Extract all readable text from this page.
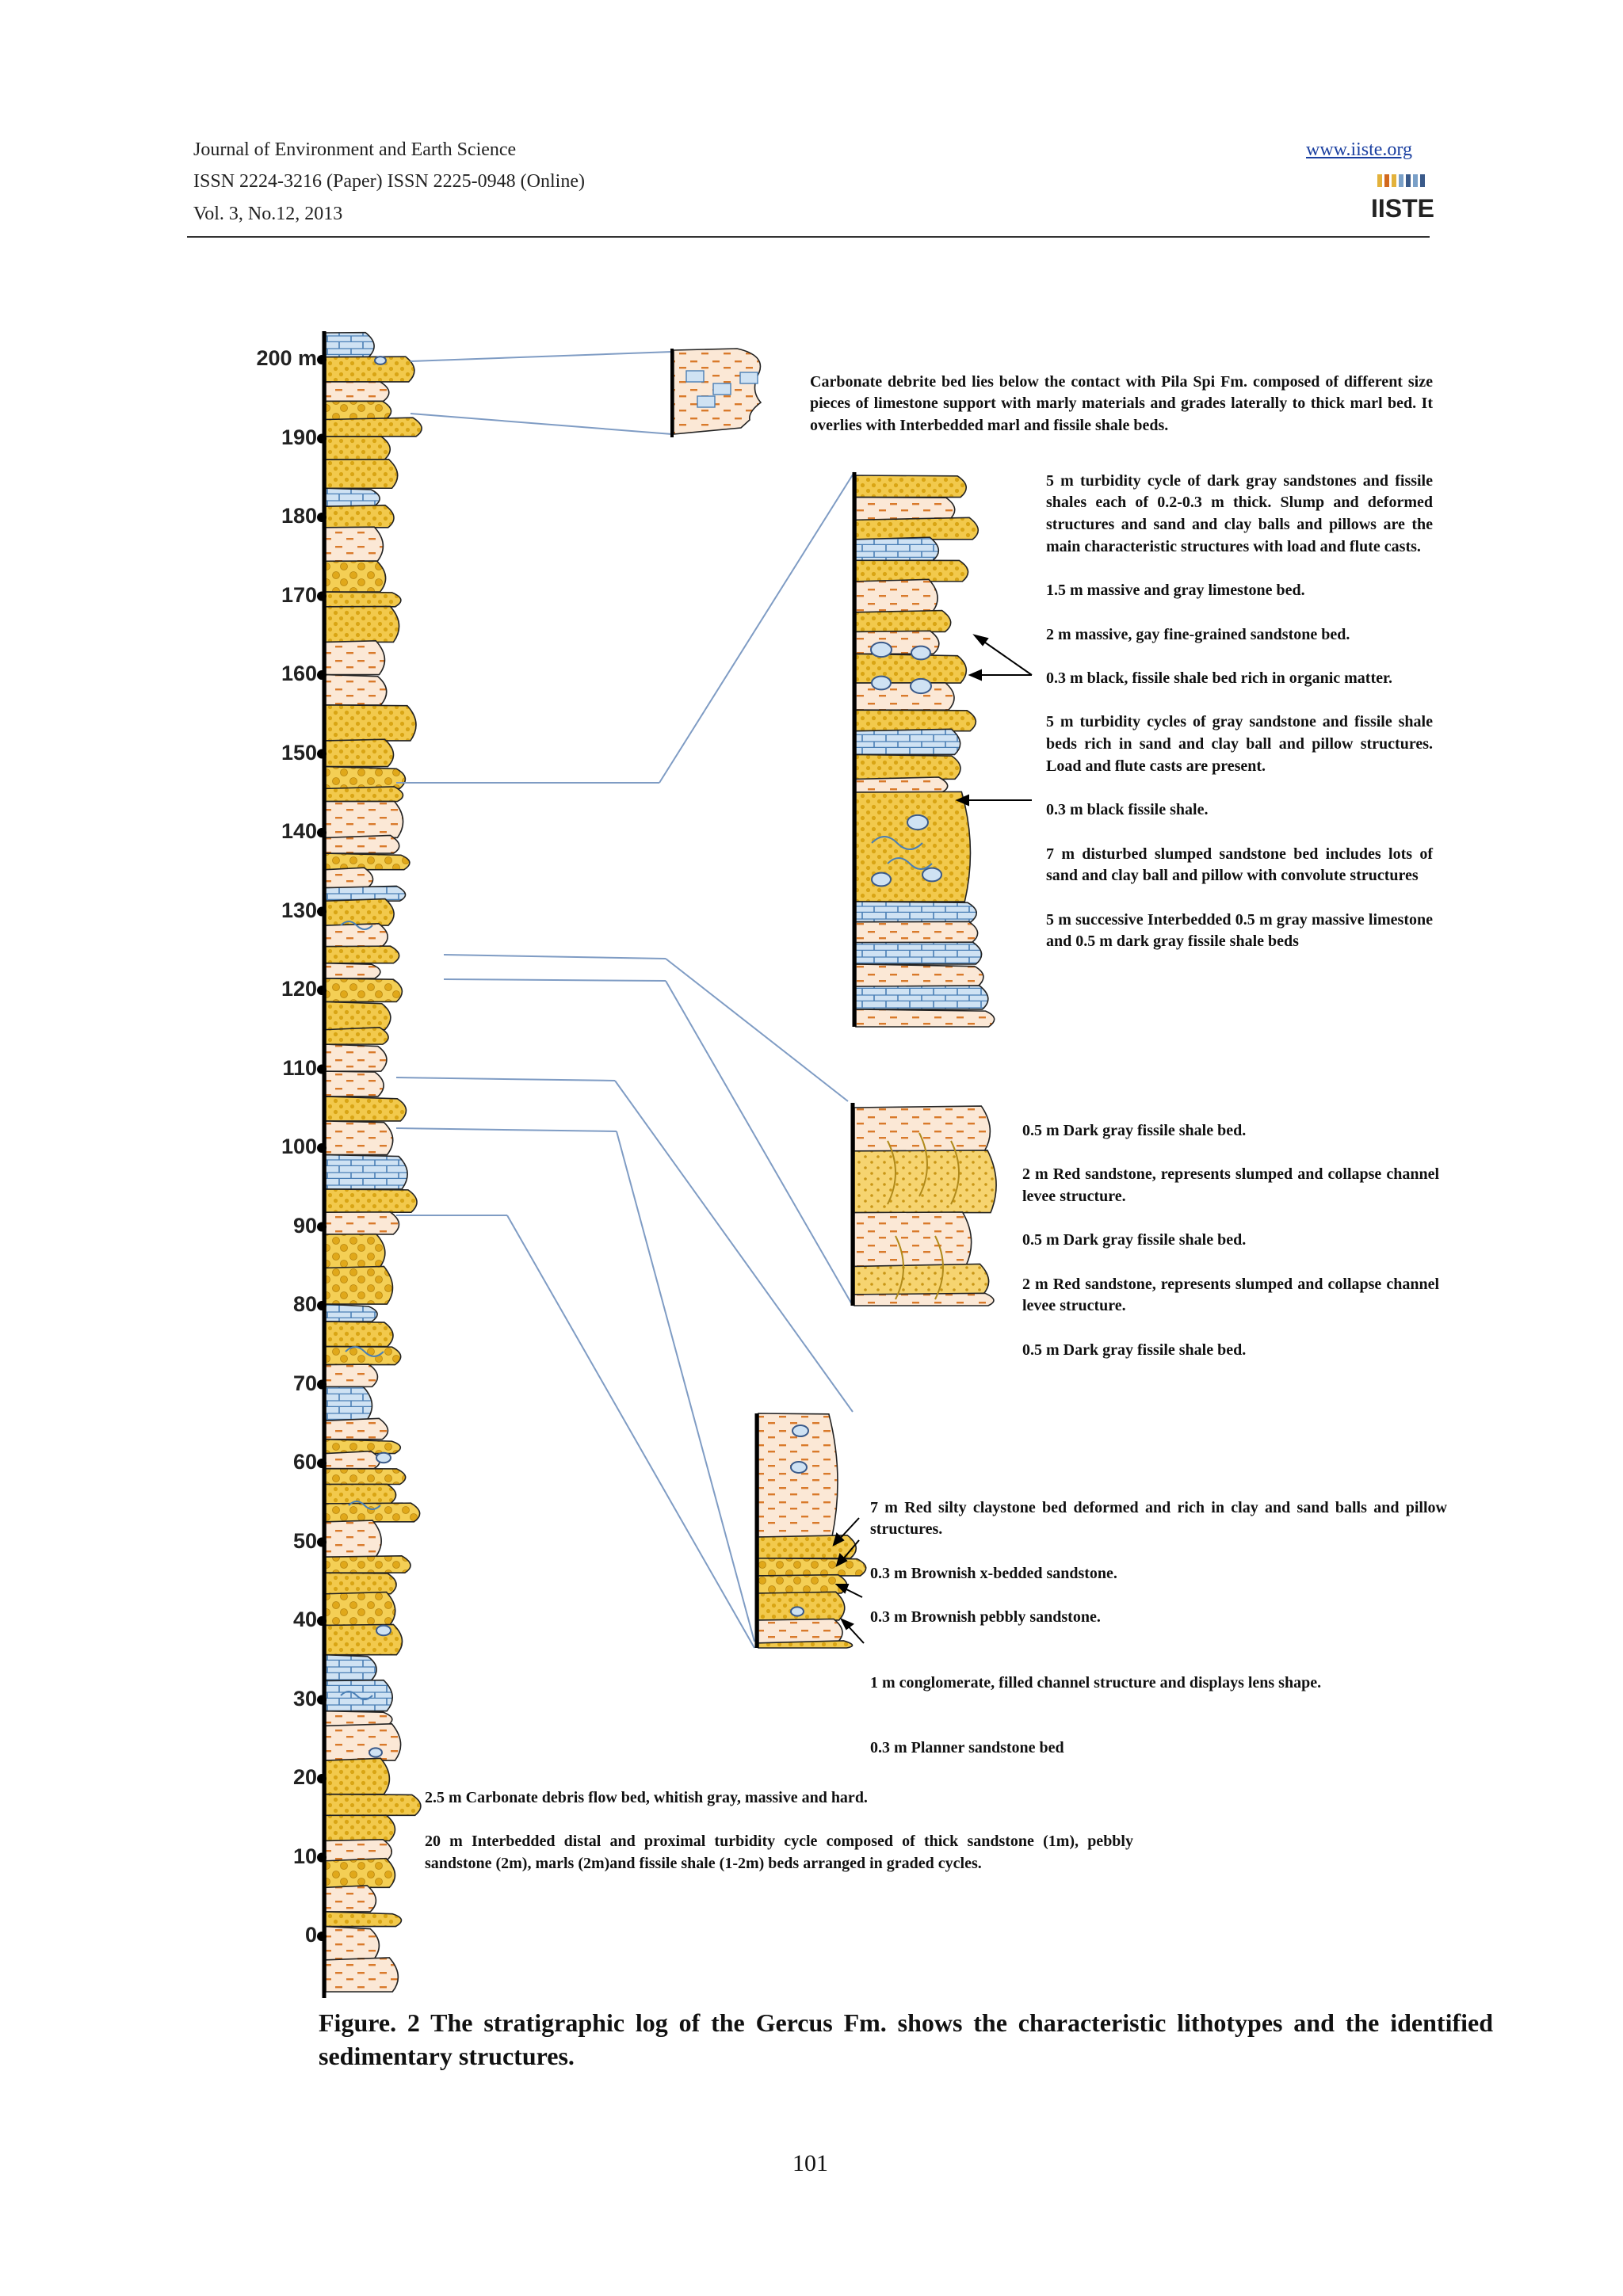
Journal of Environment and Earth Science
ISSN 2224-3216 (Paper) ISSN 2225-0948 (Online)
Vol. 3, No.12, 2013
www.iiste.org
IISTE
200 m
190
180
170
160
150
140
130
120
110
100
90
80
70
60
50
40
30
20
10
0

Carbonate debrite bed lies below the contact with Pila Spi Fm. composed of different size pieces of limestone support with marly materials and grades laterally to thick marl bed. It overlies with Interbedded marl and fissile shale beds.

5 m turbidity cycle of dark gray sandstones and fissile shales each of 0.2-0.3 m thick. Slump and deformed structures and sand and clay balls and pillows are the main characteristic structures with load and flute casts.

1.5 m massive and gray limestone bed.

2 m massive, gay fine-grained sandstone bed.

0.3 m black, fissile shale bed rich in organic matter.

5 m turbidity cycles of gray sandstone and fissile shale beds rich in sand and clay ball and pillow structures. Load and flute casts are present.

0.3 m black fissile shale.

7 m disturbed slumped sandstone bed includes lots of sand and clay ball and pillow with convolute structures

5 m successive Interbedded 0.5 m gray massive limestone and 0.5 m dark gray fissile shale beds

0.5 m Dark gray fissile shale bed.

2 m Red sandstone, represents slumped and collapse channel levee structure.

0.5 m Dark gray fissile shale bed.

2 m Red sandstone, represents slumped and collapse channel levee structure.

0.5 m Dark gray fissile shale bed.

7 m Red silty claystone bed deformed and rich in clay and sand balls and pillow structures.

0.3 m Brownish x-bedded sandstone.

0.3 m Brownish pebbly sandstone.

1 m conglomerate, filled channel structure and displays lens shape.

0.3 m Planner sandstone bed

2.5 m Carbonate debris flow bed, whitish gray, massive and hard.

20 m Interbedded distal and proximal turbidity cycle composed of thick sandstone (1m), pebbly sandstone (2m), marls (2m)and fissile shale (1-2m) beds arranged in graded cycles.

Figure. 2 The stratigraphic log of the Gercus Fm. shows the characteristic lithotypes and the identified sedimentary structures.
101
